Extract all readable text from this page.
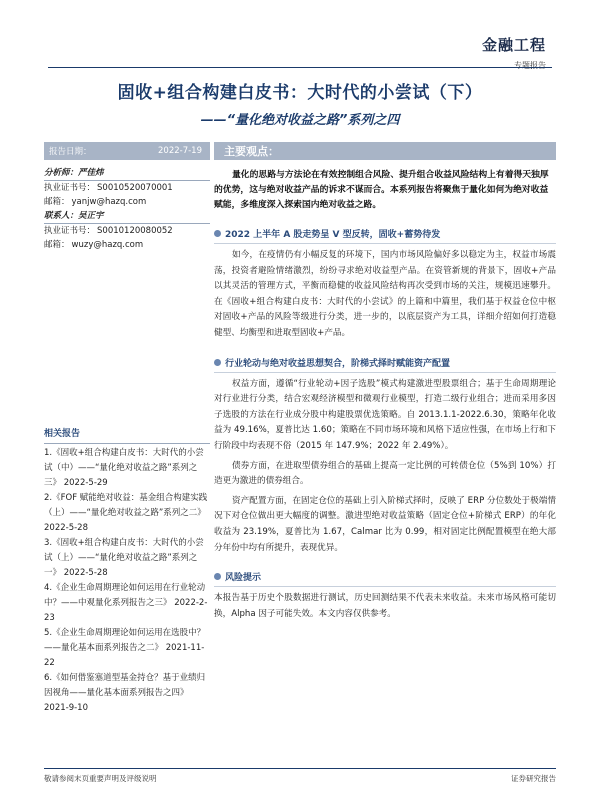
金融工程
专题报告
固收+组合构建白皮书：大时代的小尝试（下）
——“量化绝对收益之路”系列之四
报告日期：	2022-7-19
分析师：严佳炜
执业证书号： S0010520070001
邮箱： yanjw@hazq.com
联系人：吴正宇
执业证书号： S0010120080052
邮箱： wuzy@hazq.com
相关报告
1.《固收+组合构建白皮书：大时代的小尝试（中）——“量化绝对收益之路”系列之三》 2022-5-29
2.《FOF 赋能绝对收益：基金组合构建实践（上）——“量化绝对收益之路”系列之二》 2022-5-28
3.《固收+组合构建白皮书：大时代的小尝试（上）——“量化绝对收益之路”系列之一》 2022-5-28
4.《企业生命周期理论如何运用在行业轮动中？——中观量化系列报告之三》 2022-2-23
5.《企业生命周期理论如何运用在选股中？——量化基本面系列报告之二》 2021-11-22
6.《如何借鉴塞道型基金持仓？基于业绩归因视角——量化基本面系列报告之四》 2021-9-10
主要观点：
量化的思路与方法论在有效控制组合风险、提升组合收益风险结构上有着得天独厚的优势，这与绝对收益产品的诉求不谋而合。本系列报告将聚焦于量化如何为绝对收益赋能，多维度深入探索国内绝对收益之路。
2022 上半年 A 股走势呈 V 型反转，固收+蓄势待发
如今，在疫情仍有小幅反复的环境下，国内市场风险偏好多以稳定为主，权益市场震荡，投资者避险情绪激烈，纷纷寻求绝对收益型产品。在资管新规的背景下，固收+产品以其灵活的管理方式，平衡而稳健的收益风险结构再次受到市场的关注，规模迅速攀升。在《固收+组合构建白皮书：大时代的小尝试》的上篇和中篇里，我们基于权益仓位中枢对固收+产品的风险等级进行分类，进一步的，以底层资产为工具，详细介绍如何打造稳健型、均衡型和进取型固收+产品。
行业轮动与绝对收益思想契合，阶梯式择时赋能资产配置
权益方面，遵循“行业轮动+因子选股”模式构建激进型股票组合；基于生命周期理论对行业进行分类，结合宏观经济模型和微观行业模型，打造二级行业组合；进而采用多因子选股的方法在行业成分股中构建股票优选策略。自 2013.1.1-2022.6.30，策略年化收益为 49.16%，夏普比达 1.60；策略在不同市场环境和风格下适应性强，在市场上行和下行阶段中均表现不俗（2015 年 147.9%；2022 年 2.49%）。
债券方面，在进取型债券组合的基础上提高一定比例的可转债仓位（5%到 10%）打造更为激进的债券组合。
资产配置方面，在固定仓位的基础上引入阶梯式择时，反映了 ERP 分位数处于极端情况下对仓位做出更大幅度的调整。激进型绝对收益策略（固定仓位+阶梯式 ERP）的年化收益为 23.19%，夏普比为 1.67，Calmar 比为 0.99，相对固定比例配置模型在绝大部分年份中均有所提升，表现优异。
风险提示
本报告基于历史个股数据进行测试，历史回测结果不代表未来收益。未来市场风格可能切换，Alpha 因子可能失效。本文内容仅供参考。
敬请参阅末页重要声明及评级说明	证券研究报告
